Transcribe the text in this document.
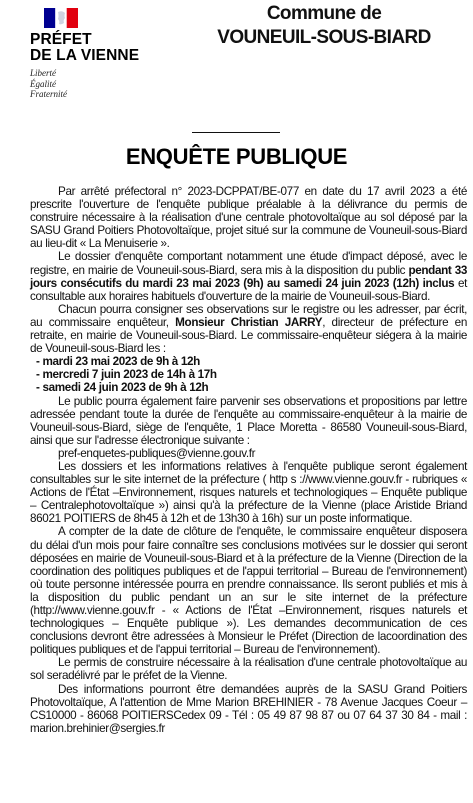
PRÉFET
DE LA VIENNE
Liberté
Égalité
Fraternité
Commune de
VOUNEUIL-SOUS-BIARD
ENQUÊTE PUBLIQUE

Par arrêté préfectoral n° 2023-DCPPAT/BE-077 en date du 17 avril 2023 a été prescrite l'ouverture de l'enquête publique préalable à la délivrance du permis de construire nécessaire à la réalisation d'une centrale photovoltaïque au sol déposé par la SASU Grand Poitiers Photovoltaïque, projet situé sur la commune de Vouneuil-sous-Biard au lieu-dit « La Menuiserie ».

Le dossier d'enquête comportant notamment une étude d'impact déposé, avec le registre, en mairie de Vouneuil-sous-Biard, sera mis à la disposition du public pendant 33 jours consécutifs du mardi 23 mai 2023 (9h) au samedi 24 juin 2023 (12h) inclus et consultable aux horaires habituels d'ouverture de la mairie de Vouneuil-sous-Biard.

Chacun pourra consigner ses observations sur le registre ou les adresser, par écrit, au commissaire enquêteur, Monsieur Christian JARRY, directeur de préfecture en retraite, en mairie de Vouneuil-sous-Biard. Le commissaire-enquêteur siégera à la mairie de Vouneuil-sous-Biard les :

- mardi 23 mai 2023 de 9h à 12h
- mercredi 7 juin 2023 de 14h à 17h
- samedi 24 juin 2023 de 9h à 12h

Le public pourra également faire parvenir ses observations et propositions par lettre adressée pendant toute la durée de l'enquête au commissaire-enquêteur à la mairie de Vouneuil-sous-Biard, siège de l'enquête, 1 Place Moretta - 86580 Vouneuil-sous-Biard, ainsi que sur l'adresse électronique suivante :

pref-enquetes-publiques@vienne.gouv.fr

Les dossiers et les informations relatives à l'enquête publique seront également consultables sur le site internet de la préfecture ( http s ://www.vienne.gouv.fr - rubriques « Actions de l'État –Environnement, risques naturels et technologiques – Enquête publique – Centralephotovoltaïque ») ainsi qu'à la préfecture de la Vienne (place Aristide Briand 86021 POITIERS de 8h45 à 12h et de 13h30 à 16h) sur un poste informatique.

A compter de la date de clôture de l'enquête, le commissaire enquêteur disposera du délai d'un mois pour faire connaître ses conclusions motivées sur le dossier qui seront déposées en mairie de Vouneuil-sous-Biard et à la préfecture de la Vienne (Direction de la coordination des politiques publiques et de l'appui territorial – Bureau de l'environnement) où toute personne intéressée pourra en prendre connaissance. Ils seront publiés et mis à la disposition du public pendant un an sur le site internet de la préfecture (http://www.vienne.gouv.fr - « Actions de l'État –Environnement, risques naturels et technologiques – Enquête publique »). Les demandes decommunication de ces conclusions devront être adressées à Monsieur le Préfet (Direction de lacoordination des politiques publiques et de l'appui territorial – Bureau de l'environnement).

Le permis de construire nécessaire à la réalisation d'une centrale photovoltaïque au sol seradélivré par le préfet de la Vienne.

Des informations pourront être demandées auprès de la SASU Grand Poitiers Photovoltaïque, A l'attention de Mme Marion BREHINIER - 78 Avenue Jacques Coeur – CS10000 - 86068 POITIERSCedex 09 - Tél : 05 49 87 98 87 ou 07 64 37 30 84 - mail : marion.brehinier@sergies.fr
